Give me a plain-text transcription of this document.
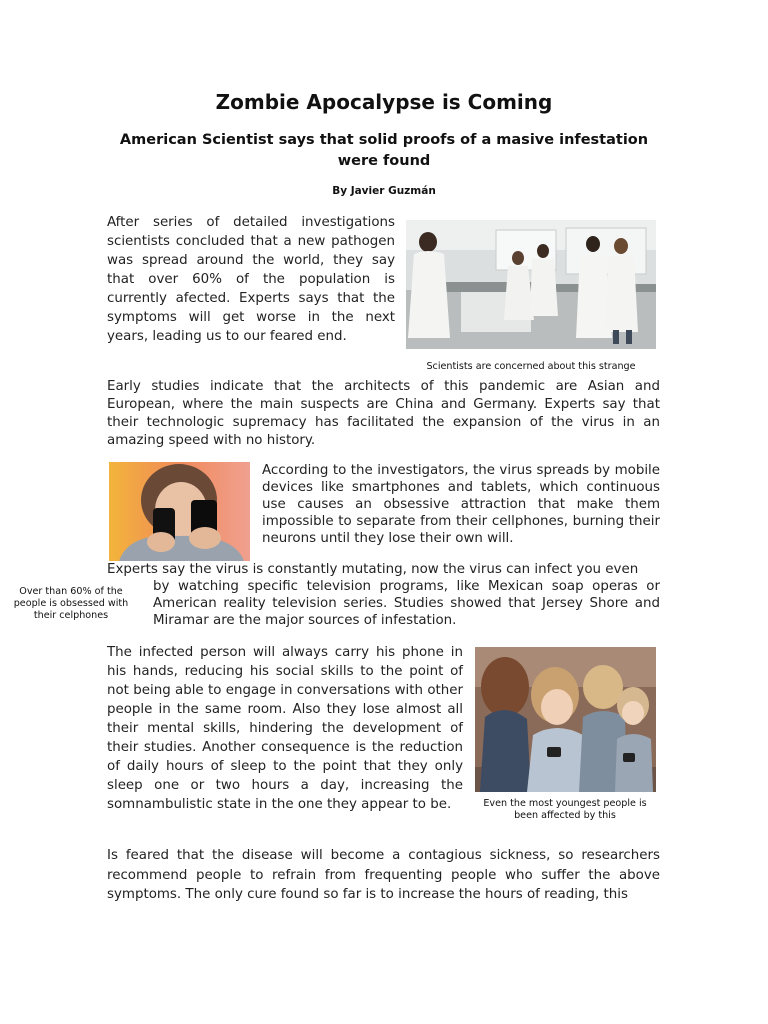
Zombie Apocalypse is Coming
American Scientist says that solid proofs of a masive infestation were found
By Javier Guzmán
After series of detailed investigations scientists concluded that a new pathogen was spread around the world, they say that over 60% of the population is currently afected. Experts says that the symptoms will get worse in the next years, leading us to our feared end.
Scientists are concerned about this strange
Early studies indicate that the architects of this pandemic are Asian and European, where the main suspects are China and Germany. Experts say that their technologic supremacy has facilitated the expansion of the virus in an amazing speed with no history.
According to the investigators, the virus spreads by mobile devices like smartphones and tablets, which continuous use causes an obsessive attraction that make them impossible to separate from their cellphones, burning their neurons until they lose their own will.
Experts say the virus is constantly mutating, now the virus can infect you even
by watching specific television programs, like Mexican soap operas or American reality television series. Studies showed that Jersey Shore and Miramar are the major sources of infestation.
Over than 60% of the people is obsessed with their celphones
The infected person will always carry his phone in his hands, reducing his social skills to the point of not being able to engage in conversations with other people in the same room. Also they lose almost all their mental skills, hindering the development of their studies. Another consequence is the reduction of daily hours of sleep to the point that they only sleep one or two hours a day, increasing the somnambulistic state in the one they appear to be.	Even the most youngest people is been affected by this
Is feared that the disease will become a contagious sickness, so researchers recommend people to refrain from frequenting people who suffer the above symptoms. The only cure found so far is to increase the hours of reading, this
